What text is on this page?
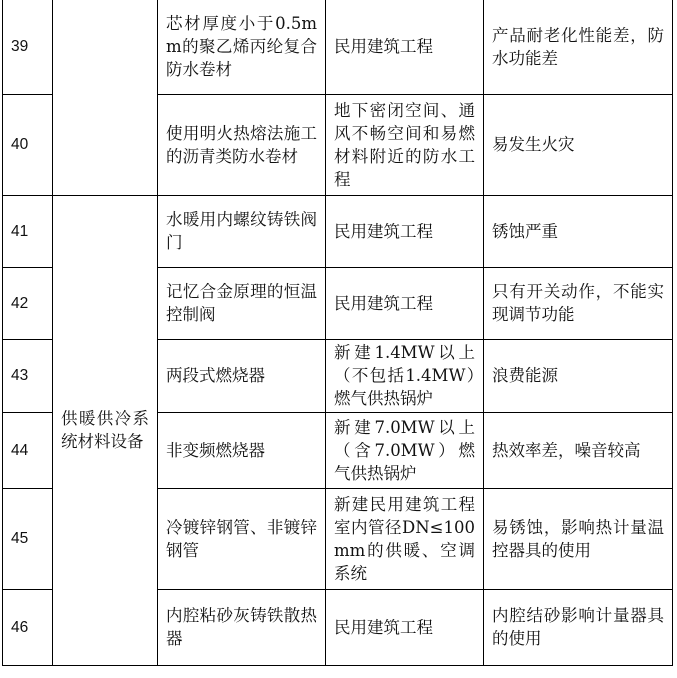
39		芯材厚度小于0.5mm的聚乙烯丙纶复合防水卷材	民用建筑工程	产品耐老化性能差，防水功能差
40		使用明火热熔法施工的沥青类防水卷材	地下密闭空间、通风不畅空间和易燃材料附近的防水工程	易发生火灾
41	供暖供冷系统材料设备	水暖用内螺纹铸铁阀门	民用建筑工程	锈蚀严重
42		记忆合金原理的恒温控制阀	民用建筑工程	只有开关动作，不能实现调节功能
43		两段式燃烧器	新建1.4MW以上（不包括1.4MW）燃气供热锅炉	浪费能源
44		非变频燃烧器	新建7.0MW以上（含7.0MW）燃气供热锅炉	热效率差，噪音较高
45		冷镀锌钢管、非镀锌钢管	新建民用建筑工程室内管径DN≤100mm的供暖、空调系统	易锈蚀，影响热计量温控器具的使用
46		内腔粘砂灰铸铁散热器	民用建筑工程	内腔结砂影响计量器具的使用
